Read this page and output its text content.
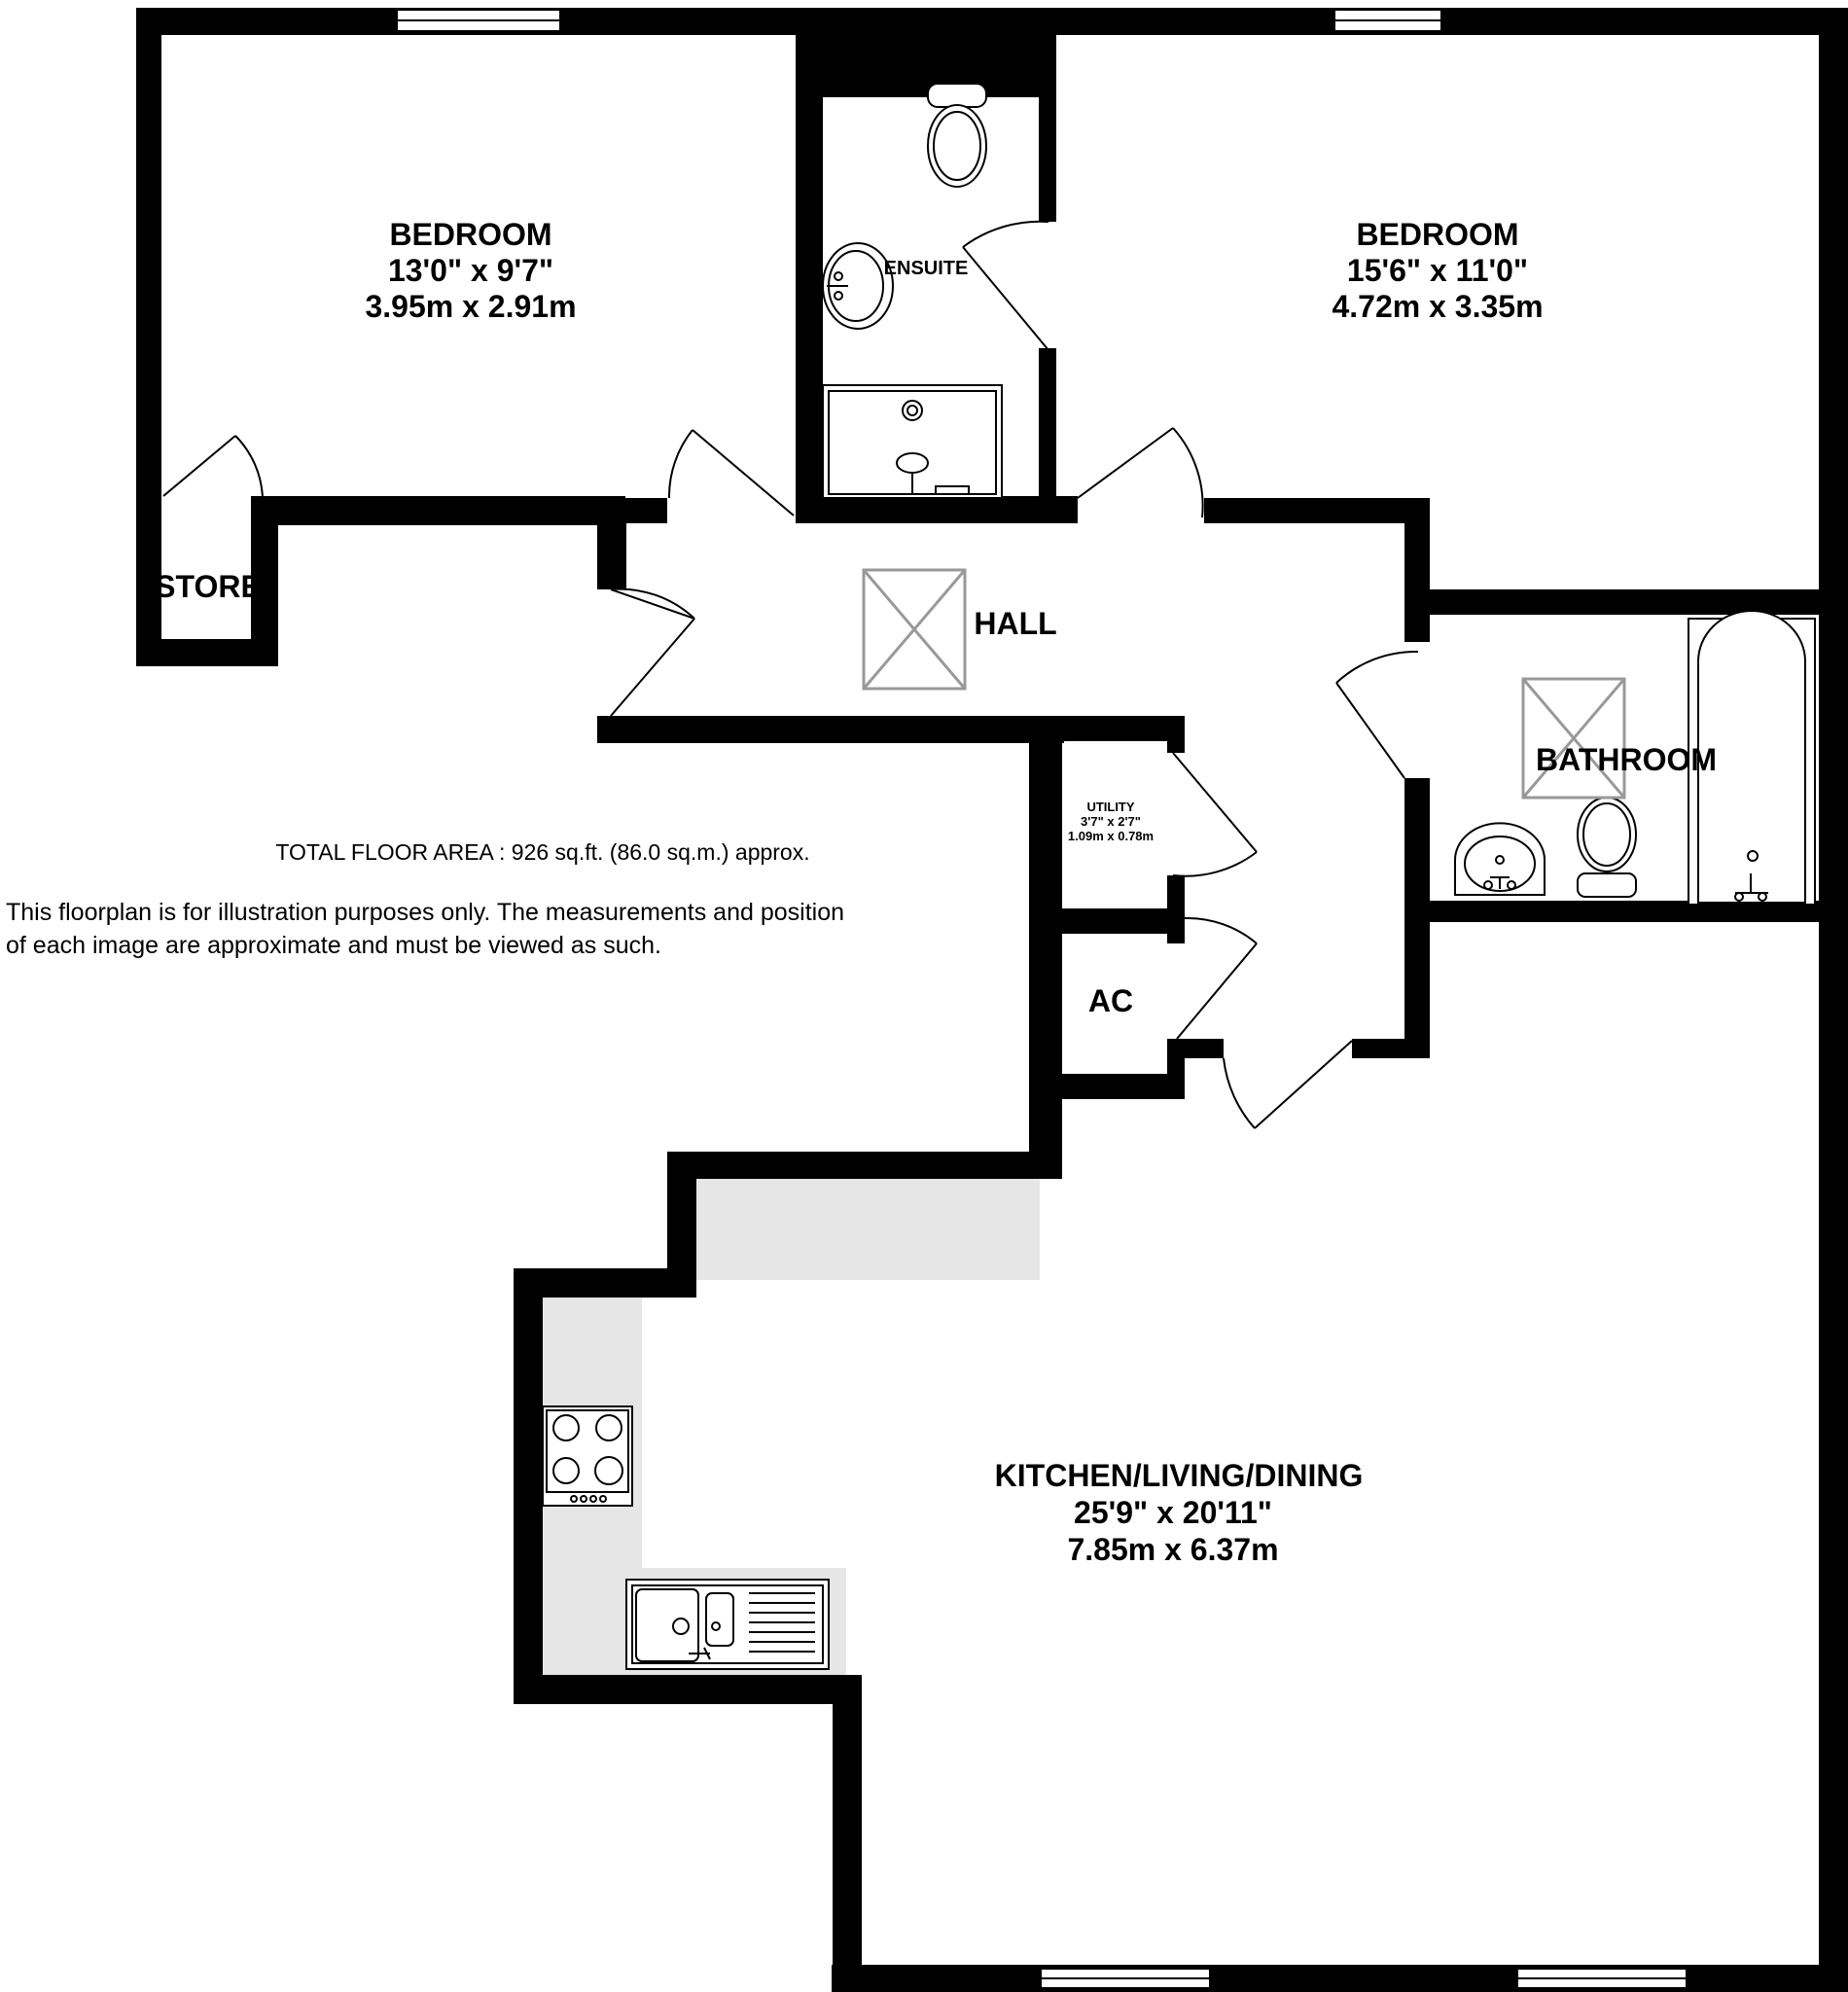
BEDROOM
13'0" x 9'7"
3.95m x 2.91m
BEDROOM
15'6" x 11'0"
4.72m x 3.35m
ENSUITE
STORE
HALL
BATHROOM
UTILITY
3'7" x 2'7"
1.09m x 0.78m
AC
KITCHEN/LIVING/DINING
25'9" x 20'11"
7.85m x 6.37m
TOTAL FLOOR AREA : 926 sq.ft. (86.0 sq.m.) approx.
This floorplan is for illustration purposes only. The measurements and position
of each image are approximate and must be viewed as such.
